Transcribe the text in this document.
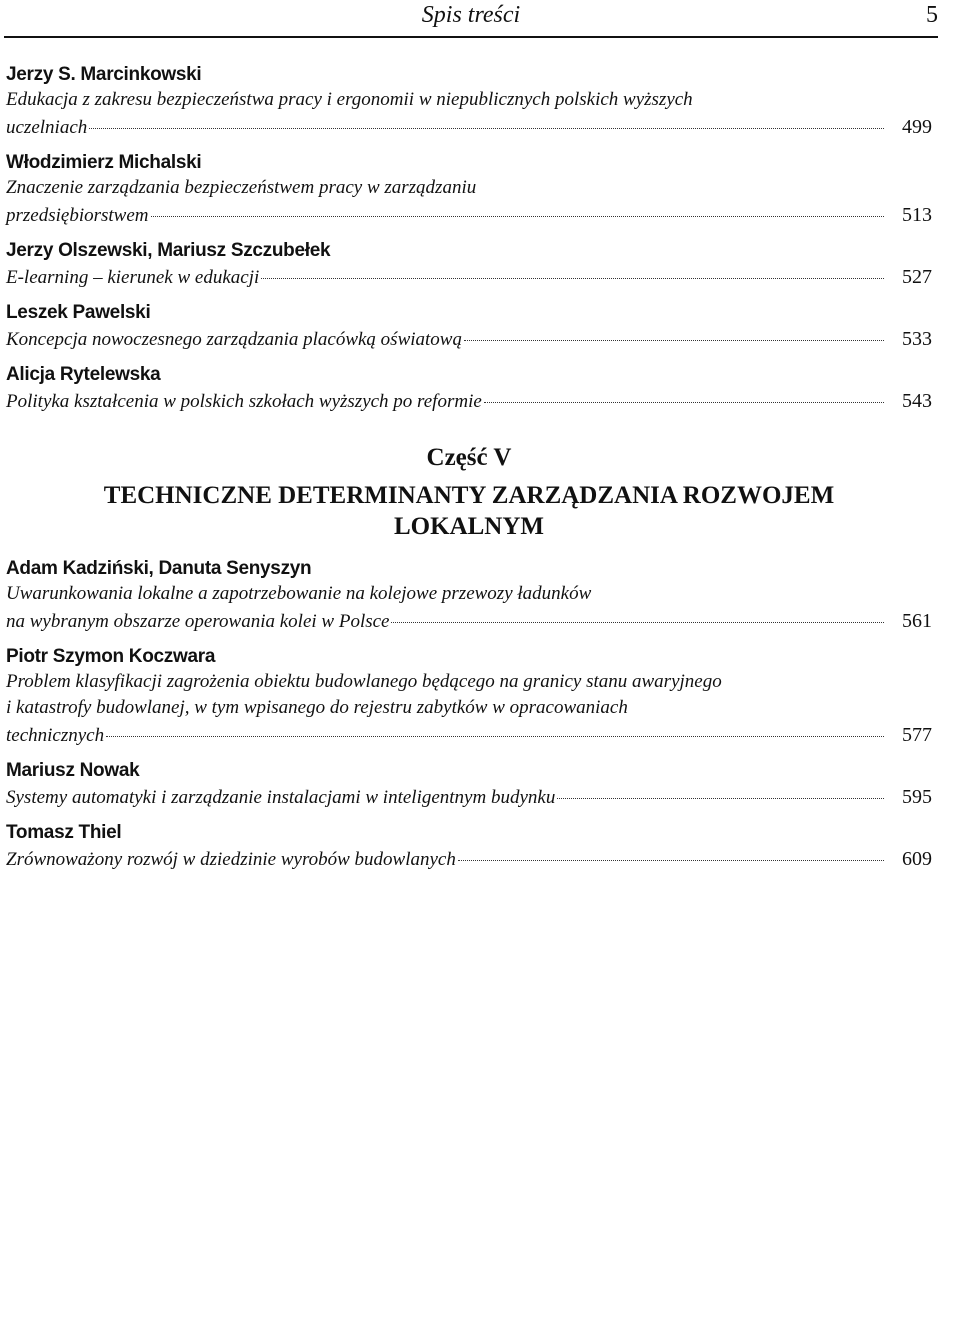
Spis treści	5
Jerzy S. Marcinkowski
Edukacja z zakresu bezpieczeństwa pracy i ergonomii w niepublicznych polskich wyższych
uczelniach	499
Włodzimierz Michalski
Znaczenie zarządzania bezpieczeństwem pracy w zarządzaniu
przedsiębiorstwem	513
Jerzy Olszewski, Mariusz Szczubełek
E-learning – kierunek w edukacji	527
Leszek Pawelski
Koncepcja nowoczesnego zarządzania placówką oświatową	533
Alicja Rytelewska
Polityka kształcenia w polskich szkołach wyższych po reformie	543
Część V
TECHNICZNE DETERMINANTY ZARZĄDZANIA ROZWOJEM LOKALNYM
Adam Kadziński, Danuta Senyszyn
Uwarunkowania lokalne a zapotrzebowanie na kolejowe przewozy ładunków
na wybranym obszarze operowania kolei w Polsce	561
Piotr Szymon Koczwara
Problem klasyfikacji zagrożenia obiektu budowlanego będącego na granicy stanu awaryjnego
i katastrofy budowlanej, w tym wpisanego do rejestru zabytków w opracowaniach
technicznych	577
Mariusz Nowak
Systemy automatyki i zarządzanie instalacjami w inteligentnym budynku	595
Tomasz Thiel
Zrównoważony rozwój w dziedzinie wyrobów budowlanych	609
